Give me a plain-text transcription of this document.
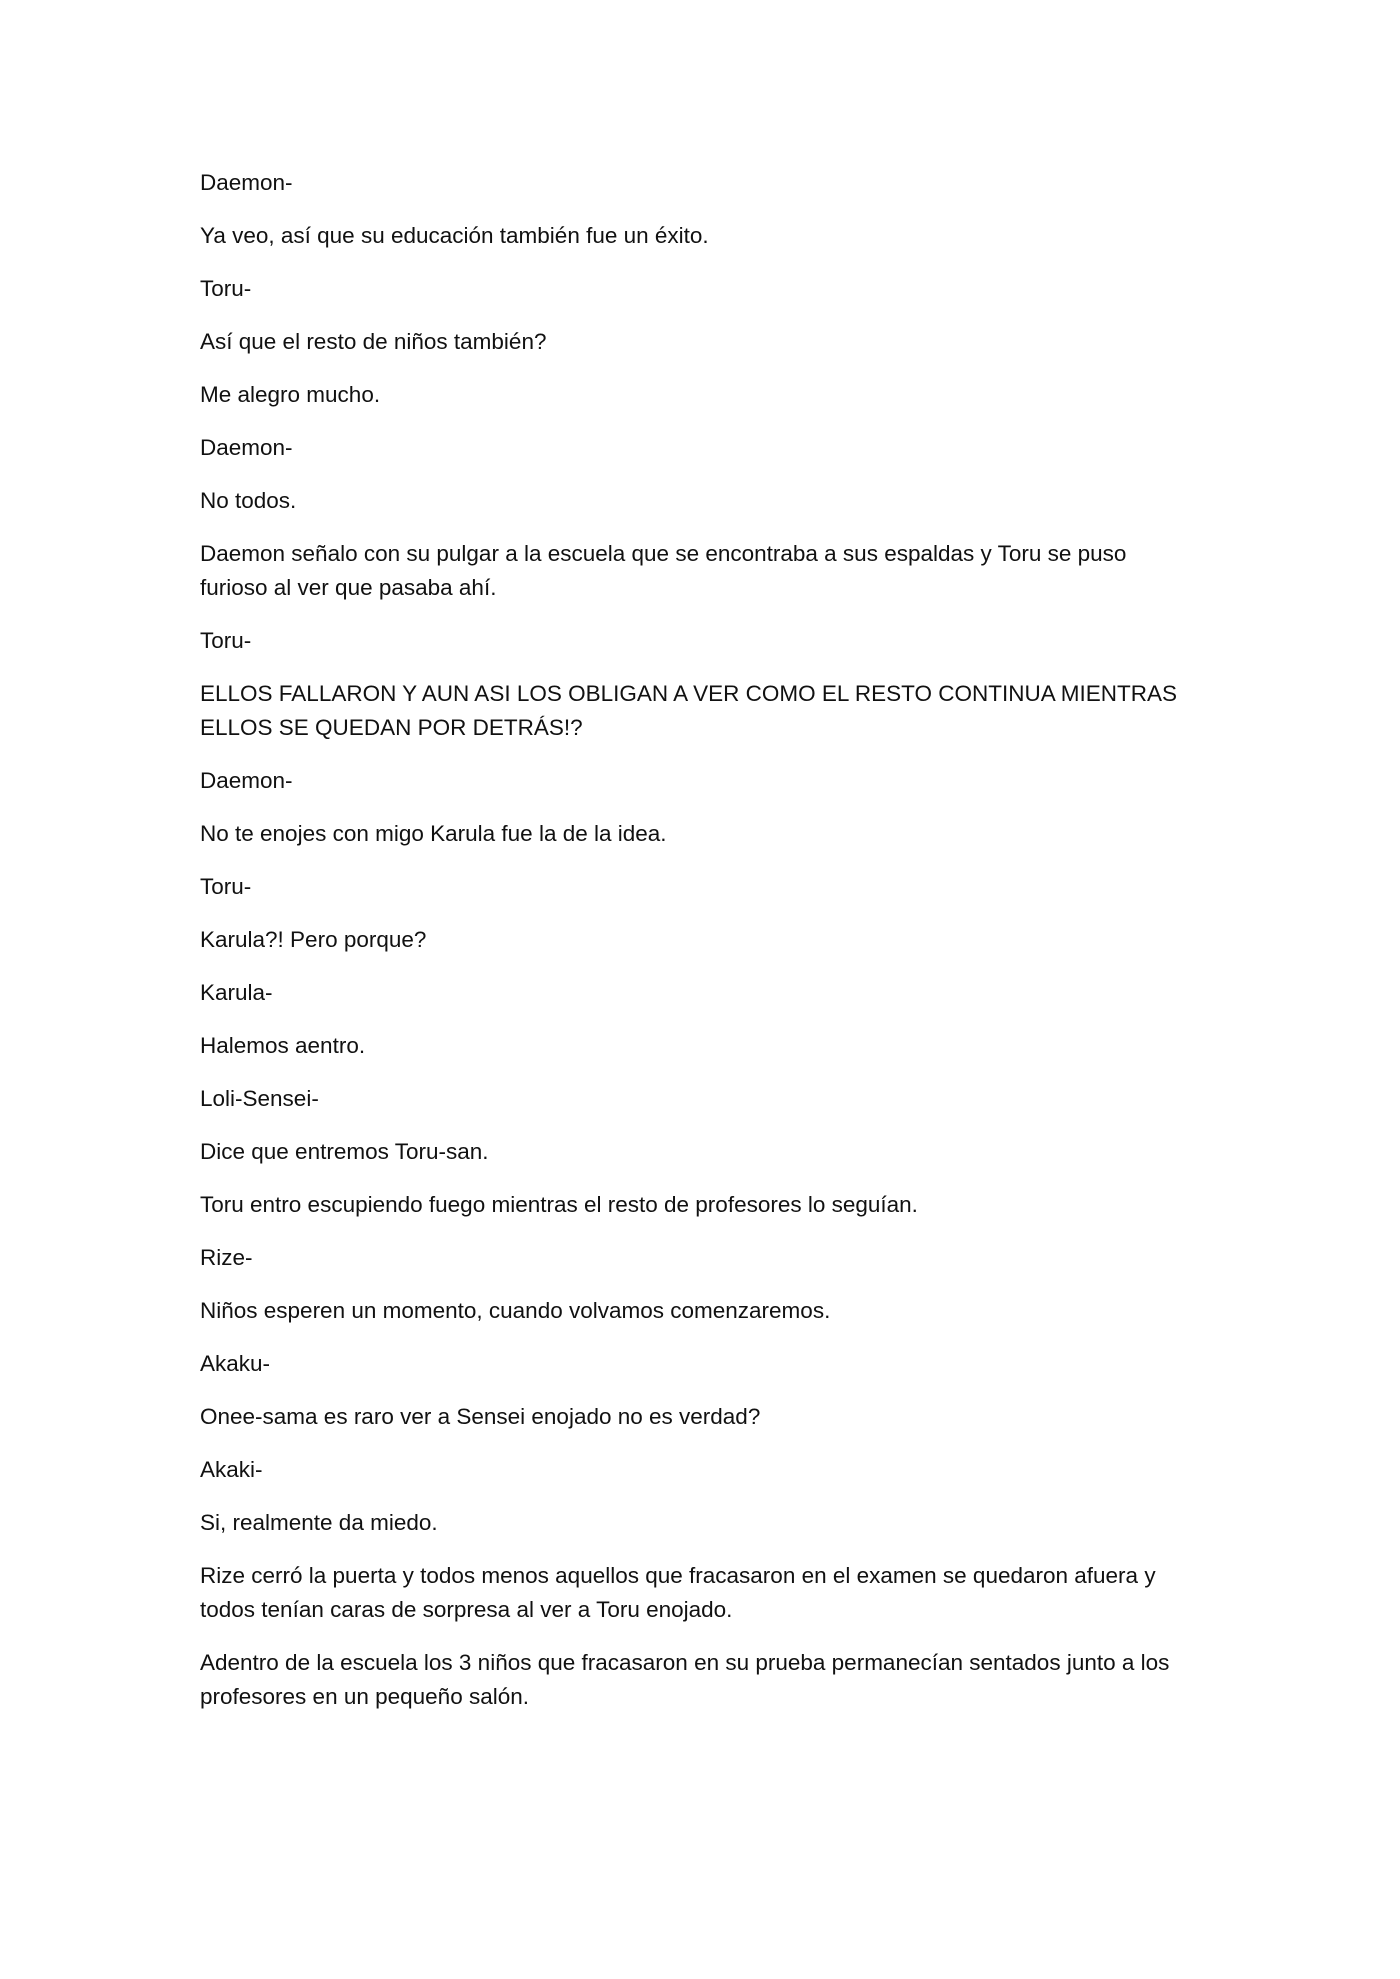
Daemon-

Ya veo, así que su educación también fue un éxito.

Toru-

Así que el resto de niños también?

Me alegro mucho.

Daemon-

No todos.

Daemon señalo con su pulgar a la escuela que se encontraba a sus espaldas y Toru se puso furioso al ver que pasaba ahí.

Toru-

ELLOS FALLARON Y AUN ASI LOS OBLIGAN A VER COMO EL RESTO CONTINUA MIENTRAS ELLOS SE QUEDAN POR DETRÁS!?

Daemon-

No te enojes con migo Karula fue la de la idea.

Toru-

Karula?! Pero porque?

Karula-

Halemos aentro.

Loli-Sensei-

Dice que entremos Toru-san.

Toru entro escupiendo fuego mientras el resto de profesores lo seguían.

Rize-

Niños esperen un momento, cuando volvamos comenzaremos.

Akaku-

Onee-sama es raro ver a Sensei enojado no es verdad?

Akaki-

Si, realmente da miedo.

Rize cerró la puerta y todos menos aquellos que fracasaron en el examen se quedaron afuera y todos tenían caras de sorpresa al ver a Toru enojado.

Adentro de la escuela los 3 niños que fracasaron en su prueba permanecían sentados junto a los profesores en un pequeño salón.
